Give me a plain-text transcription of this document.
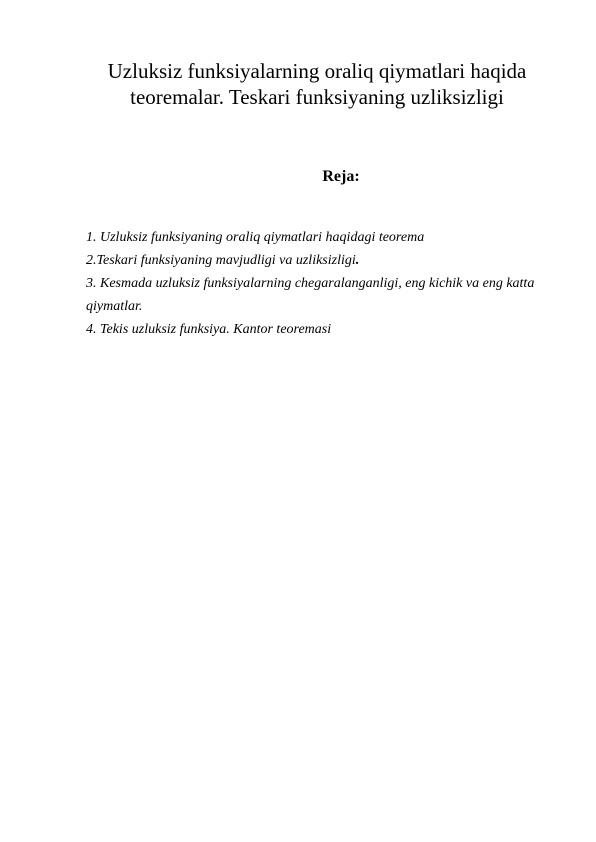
Uzluksiz funksiyalarning oraliq qiymatlari haqida
teoremalar. Teskari funksiyaning uzliksizligi
Reja:
1. Uzluksiz funksiyaning oraliq qiymatlari haqidagi teorema
2.Teskari funksiyaning mavjudligi va uzliksizligi.
3. Kesmada uzluksiz funksiyalarning chegaralanganligi, eng kichik va eng katta qiymatlar.
4. Tekis uzluksiz funksiya. Kantor teoremasi
